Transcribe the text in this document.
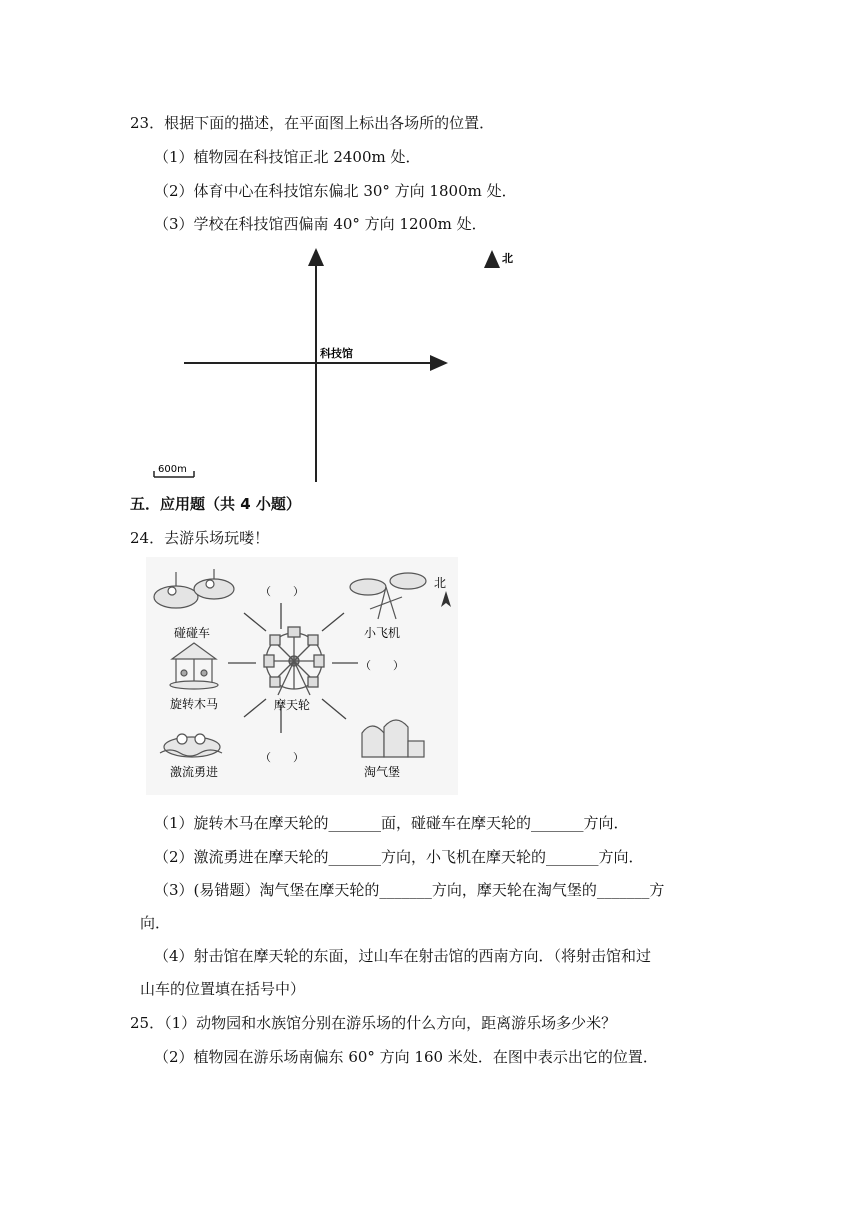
23．根据下面的描述，在平面图上标出各场所的位置．
（1）植物园在科技馆正北 2400m 处．
（2）体育中心在科技馆东偏北 30° 方向 1800m 处．
（3）学校在科技馆西偏南 40° 方向 1200m 处．
科技馆
北
600m
五．应用题（共 4 小题）
24．去游乐场玩喽！
摩天轮
碰碰车
（　　）
小飞机
北
旋转木马
（　　）
激流勇进
（　　）
淘气堡
（1）旋转木马在摩天轮的_______面，碰碰车在摩天轮的_______方向．
（2）激流勇进在摩天轮的_______方向，小飞机在摩天轮的_______方向．
（3）(易错题）淘气堡在摩天轮的_______方向，摩天轮在淘气堡的_______方
向．
（4）射击馆在摩天轮的东面，过山车在射击馆的西南方向．（将射击馆和过
山车的位置填在括号中）
25．（1）动物园和水族馆分别在游乐场的什么方向，距离游乐场多少米？
（2）植物园在游乐场南偏东 60° 方向 160 米处．在图中表示出它的位置．
